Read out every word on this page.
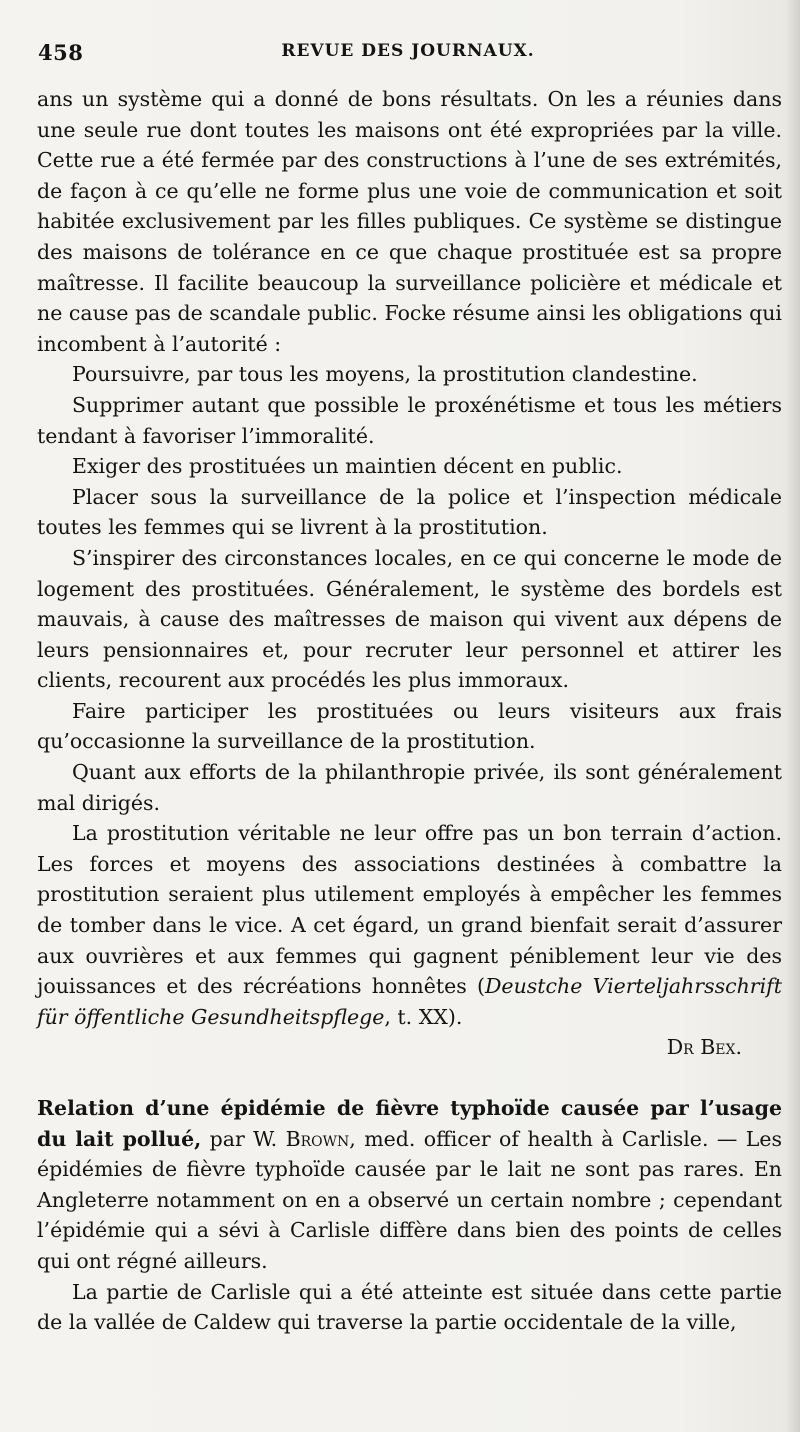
458	REVUE DES JOURNAUX.

ans un système qui a donné de bons résultats. On les a réunies dans une seule rue dont toutes les maisons ont été expropriées par la ville. Cette rue a été fermée par des constructions à l’une de ses extrémités, de façon à ce qu’elle ne forme plus une voie de communication et soit habitée exclusivement par les filles publiques. Ce système se distingue des maisons de tolérance en ce que chaque prostituée est sa propre maîtresse. Il facilite beaucoup la surveillance policière et médicale et ne cause pas de scandale public. Focke résume ainsi les obligations qui incombent à l’autorité :

Poursuivre, par tous les moyens, la prostitution clandestine.

Supprimer autant que possible le proxénétisme et tous les métiers tendant à favoriser l’immoralité.

Exiger des prostituées un maintien décent en public.

Placer sous la surveillance de la police et l’inspection médicale toutes les femmes qui se livrent à la prostitution.

S’inspirer des circonstances locales, en ce qui concerne le mode de logement des prostituées. Généralement, le système des bordels est mauvais, à cause des maîtresses de maison qui vivent aux dépens de leurs pensionnaires et, pour recruter leur personnel et attirer les clients, recourent aux procédés les plus immoraux.

Faire participer les prostituées ou leurs visiteurs aux frais qu’occasionne la surveillance de la prostitution.

Quant aux efforts de la philanthropie privée, ils sont généralement mal dirigés.

La prostitution véritable ne leur offre pas un bon terrain d’action. Les forces et moyens des associations destinées à combattre la prostitution seraient plus utilement employés à empêcher les femmes de tomber dans le vice. A cet égard, un grand bienfait serait d’assurer aux ouvrières et aux femmes qui gagnent péniblement leur vie des jouissances et des récréations honnêtes (Deustche Vierteljahrsschrift für öffentliche Gesundheitspflege, t. XX).

Dr Bex.

Relation d’une épidémie de fièvre typhoïde causée par l’usage du lait pollué, par W. Brown, med. officer of health à Carlisle. — Les épidémies de fièvre typhoïde causée par le lait ne sont pas rares. En Angleterre notamment on en a observé un certain nombre ; cependant l’épidémie qui a sévi à Carlisle diffère dans bien des points de celles qui ont régné ailleurs.

La partie de Carlisle qui a été atteinte est située dans cette partie de la vallée de Caldew qui traverse la partie occidentale de la ville,
